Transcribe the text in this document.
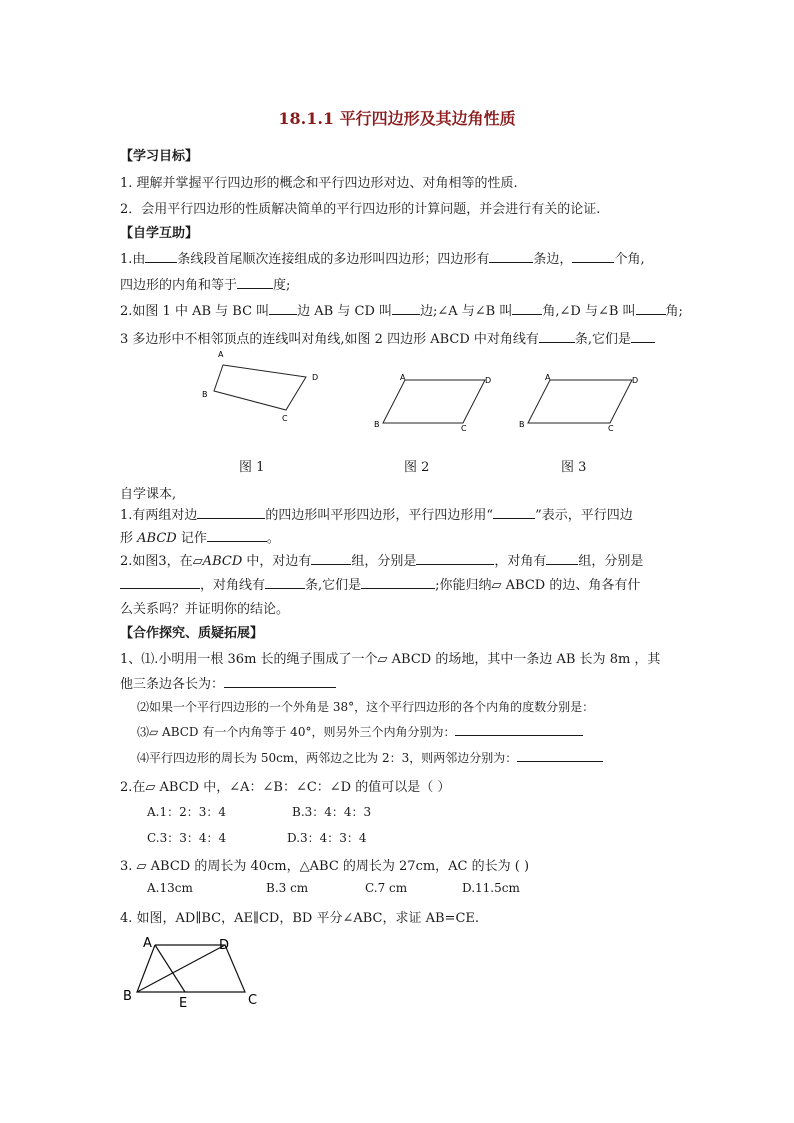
18.1.1 平行四边形及其边角性质
【学习目标】
1. 理解并掌握平行四边形的概念和平行四边形对边、对角相等的性质.
2．会用平行四边形的性质解决简单的平行四边形的计算问题，并会进行有关的论证.
【自学互助】
1.由 条线段首尾顺次连接组成的多边形叫四边形；四边形有	条边，	个角,
四边形的内角和等于	度;
2.如图 1 中 AB 与 BC 叫 边 AB 与 CD 叫 边;∠A 与∠B 叫 角,∠D 与∠B 叫 角;
3 多边形中不相邻顶点的连线叫对角线,如图 2 四边形 ABCD 中对角线有	条,它们是
A
B
C
D	A
B	C
D	A
B	C
D
图 1	图 2	图 3
自学课本,
1.有两组对边	的四边形叫平形四边形，平行四边形用“	”表示，平行四边
形 ABCD 记作	。
2.如图3，在▱ABCD 中，对边有	组，分别是	，对角有 组，分别是
，对角线有	条,它们是	;你能归纳▱ ABCD 的边、角各有什
么关系吗？并证明你的结论。
【合作探究、质疑拓展】
1、⑴.小明用一根 36m 长的绳子围成了一个▱ ABCD 的场地，其中一条边 AB 长为 8m ，其
他三条边各长为：
⑵如果一个平行四边形的一个外角是 38°，这个平行四边形的各个内角的度数分别是：
⑶▱ ABCD 有一个内角等于 40°，则另外三个内角分别为：
⑷平行四边形的周长为 50cm，两邻边之比为 2：3，则两邻边分别为：
2.在▱ ABCD 中，∠A：∠B：∠C：∠D 的值可以是（ ）
A.1：2：3：4	B.3：4：4：3
C.3：3：4：4	D.3：4：3：4
3. ▱ ABCD 的周长为 40cm，△ABC 的周长为 27cm，AC 的长为 ( )
A.13cm	B.3 cm	C.7 cm	D.11.5cm
4. 如图，AD∥BC，AE∥CD，BD 平分∠ABC，求证 AB=CE.
A
B	C
D
E
